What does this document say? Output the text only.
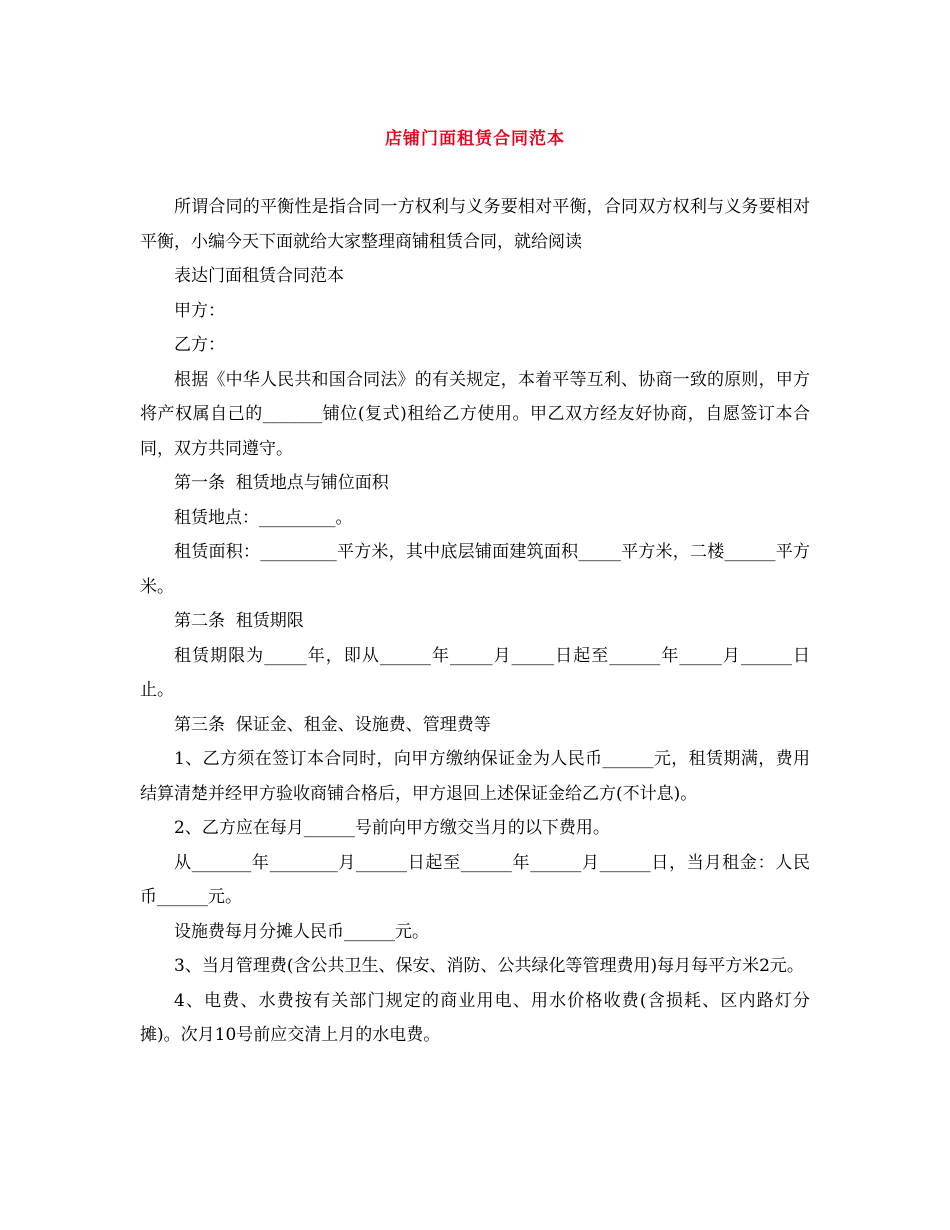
店铺门面租赁合同范本

所谓合同的平衡性是指合同一方权利与义务要相对平衡，合同双方权利与义务要相对平衡，小编今天下面就给大家整理商铺租赁合同，就给阅读

表达门面租赁合同范本

甲方：

乙方：

根据《中华人民共和国合同法》的有关规定，本着平等互利、协商一致的原则，甲方将产权属自己的_______铺位(复式)租给乙方使用。甲乙双方经友好协商，自愿签订本合同，双方共同遵守。

第一条  租赁地点与铺位面积

租赁地点：_________。

租赁面积：_________平方米，其中底层铺面建筑面积_____平方米，二楼______平方米。

第二条  租赁期限

租赁期限为_____年，即从______年_____月_____日起至______年_____月______日止。

第三条  保证金、租金、设施费、管理费等

1、乙方须在签订本合同时，向甲方缴纳保证金为人民币______元，租赁期满，费用结算清楚并经甲方验收商铺合格后，甲方退回上述保证金给乙方(不计息)。

2、乙方应在每月______号前向甲方缴交当月的以下费用。

从_______年________月______日起至______年______月______日，当月租金：人民币______元。

设施费每月分摊人民币______元。

3、当月管理费(含公共卫生、保安、消防、公共绿化等管理费用)每月每平方米2元。

4、电费、水费按有关部门规定的商业用电、用水价格收费(含损耗、区内路灯分摊)。次月10号前应交清上月的水电费。
